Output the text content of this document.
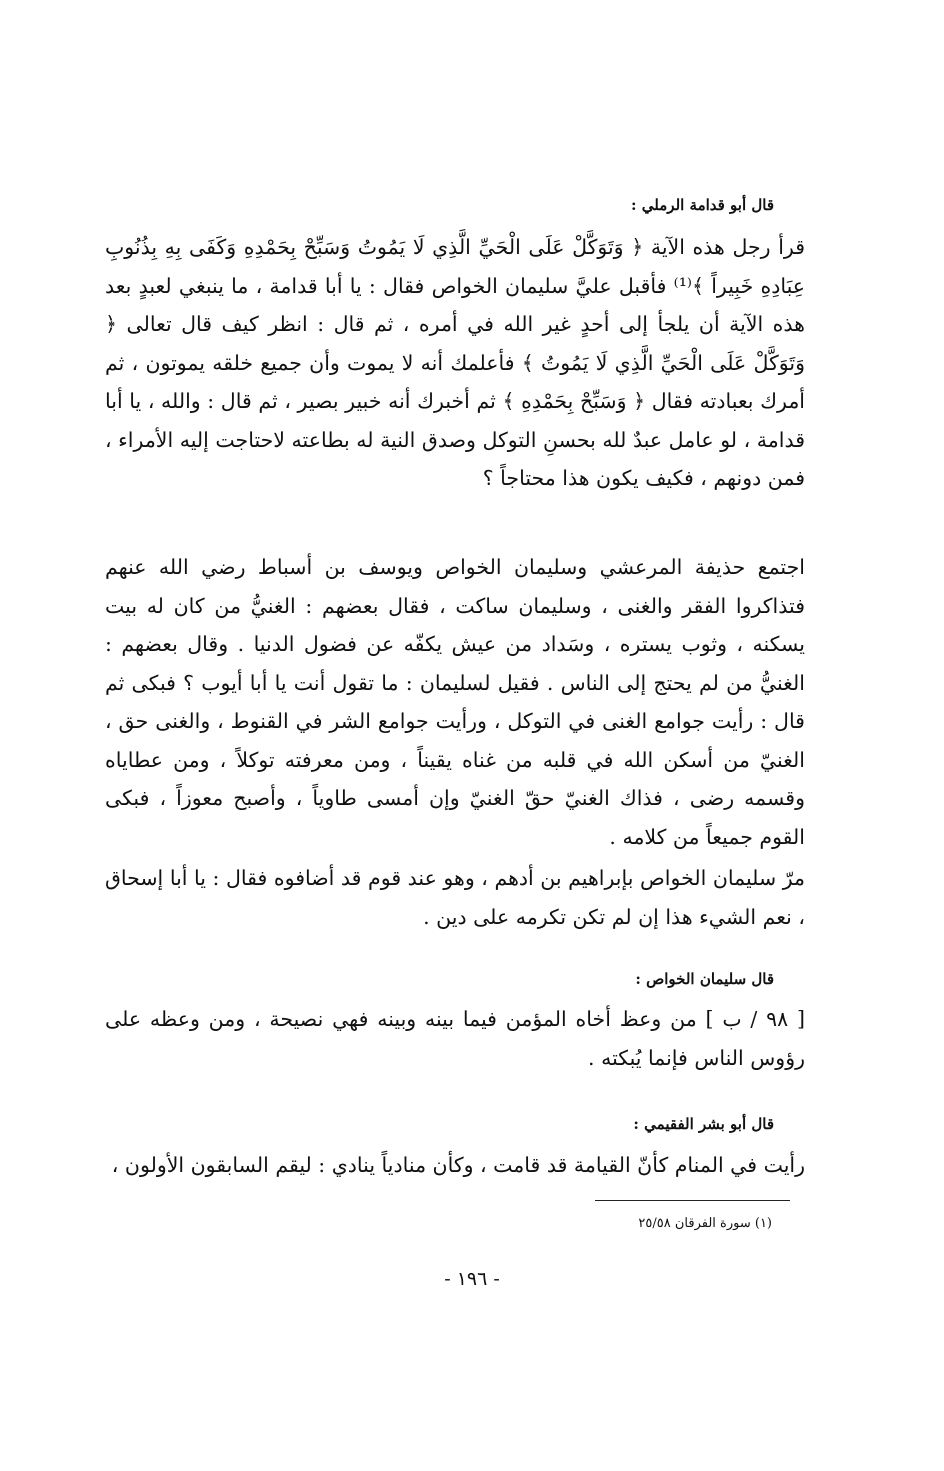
قال أبو قدامة الرملي :
قرأ رجل هذه الآية ﴿ وَتَوَكَّلْ عَلَى الْحَيِّ الَّذِي لَا يَمُوتُ وَسَبِّحْ بِحَمْدِهِ وَكَفَى بِهِ بِذُنُوبِ عِبَادِهِ خَبِيراً ﴾⁽¹⁾ فأقبل عليَّ سليمان الخواص فقال : يا أبا قدامة ، ما ينبغي لعبدٍ بعد هذه الآية أن يلجأ إلى أحدٍ غير الله في أمره ، ثم قال : انظر كيف قال تعالى ﴿ وَتَوَكَّلْ عَلَى الْحَيِّ الَّذِي لَا يَمُوتُ ﴾ فأعلمك أنه لا يموت وأن جميع خلقه يموتون ، ثم أمرك بعبادته فقال ﴿ وَسَبِّحْ بِحَمْدِهِ ﴾ ثم أخبرك أنه خبير بصير ، ثم قال : والله ، يا أبا قدامة ، لو عامل عبدٌ لله بحسنِ التوكل وصدق النية له بطاعته لاحتاجت إليه الأمراء ، فمن دونهم ، فكيف يكون هذا محتاجاً ؟
اجتمع حذيفة المرعشي وسليمان الخواص ويوسف بن أسباط رضي الله عنهم فتذاكروا الفقر والغنى ، وسليمان ساكت ، فقال بعضهم : الغنيُّ من كان له بيت يسكنه ، وثوب يستره ، وسَداد من عيش يكفّه عن فضول الدنيا . وقال بعضهم : الغنيُّ من لم يحتج إلى الناس . فقيل لسليمان : ما تقول أنت يا أبا أيوب ؟ فبكى ثم قال : رأيت جوامع الغنى في التوكل ، ورأيت جوامع الشر في القنوط ، والغنى حق ، الغنيّ من أسكن الله في قلبه من غناه يقيناً ، ومن معرفته توكلاً ، ومن عطاياه وقسمه رضى ، فذاك الغنيّ حقّ الغنيّ وإن أمسى طاوياً ، وأصبح معوزاً ، فبكى القوم جميعاً من كلامه .
مرّ سليمان الخواص بإبراهيم بن أدهم ، وهو عند قوم قد أضافوه فقال : يا أبا إسحاق ، نعم الشيء هذا إن لم تكن تكرمه على دين .
قال سليمان الخواص :
[ ٩٨ / ب ] من وعظ أخاه المؤمن فيما بينه وبينه فهي نصيحة ، ومن وعظه على رؤوس الناس فإنما يُبكته .
قال أبو بشر الفقيمي :
رأيت في المنام كأنّ القيامة قد قامت ، وكأن منادياً ينادي : ليقم السابقون الأولون ،
(١) سورة الفرقان ٢٥/٥٨
- ١٩٦ -
